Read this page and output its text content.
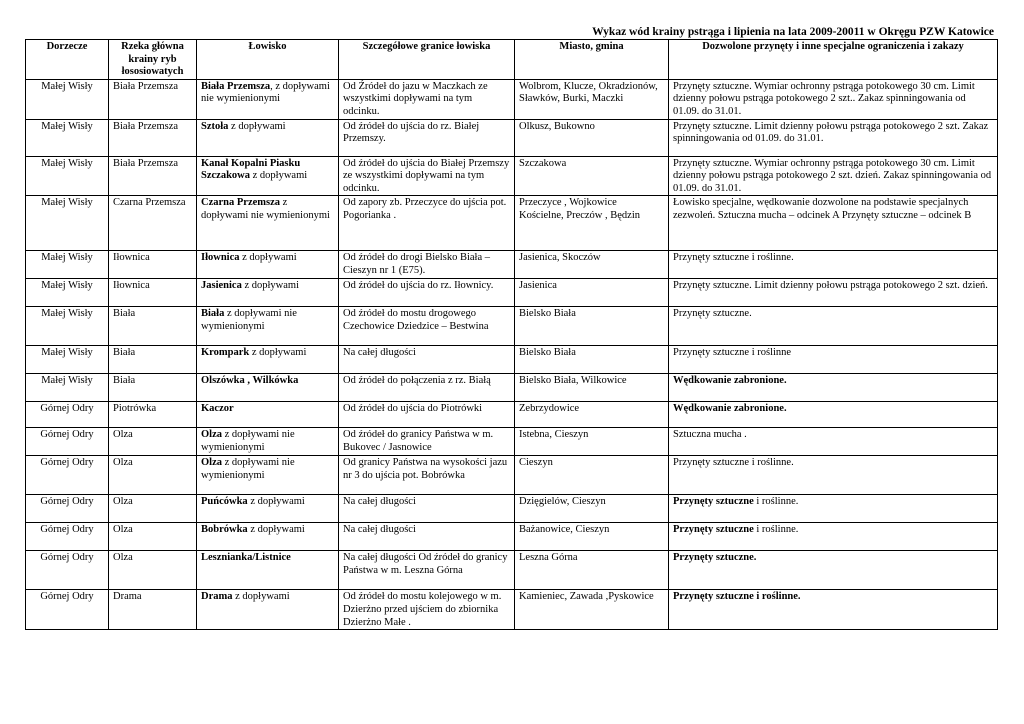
Wykaz wód krainy pstrąga i lipienia na lata 2009-20011 w Okręgu PZW Katowice
Dorzecze	Rzeka główna krainy ryb łososiowatych	Łowisko	Szczegółowe granice łowiska	Miasto, gmina	Dozwolone przynęty i inne specjalne ograniczenia i zakazy
Małej Wisły	Biała Przemsza	Biała Przemsza, z dopływami nie wymienionymi	Od Źródeł do jazu w Maczkach ze wszystkimi dopływami na tym odcinku.	Wolbrom, Klucze, Okradzionów, Sławków, Burki, Maczki	Przynęty sztuczne. Wymiar ochronny pstrąga potokowego 30 cm. Limit dzienny połowu pstrąga potokowego 2 szt.. Zakaz spinningowania od 01.09. do 31.01.
Małej Wisły	Biała Przemsza	Sztoła z dopływami	Od źródeł do ujścia do rz. Białej Przemszy.	Olkusz, Bukowno	Przynęty sztuczne. Limit dzienny połowu pstrąga potokowego 2 szt. Zakaz spinningowania od 01.09. do 31.01.
Małej Wisły	Biała Przemsza	Kanał Kopalni Piasku Szczakowa z dopływami	Od źródeł do ujścia do Białej Przemszy ze wszystkimi dopływami na tym odcinku.	Szczakowa	Przynęty sztuczne. Wymiar ochronny pstrąga potokowego 30 cm. Limit dzienny połowu pstrąga potokowego 2 szt. dzień. Zakaz spinningowania od 01.09. do 31.01.
Małej Wisły	Czarna Przemsza	Czarna Przemsza z dopływami nie wymienionymi	Od zapory zb. Przeczyce do ujścia pot. Pogorianka .	Przeczyce , Wojkowice Kościelne, Preczów , Będzin	Łowisko specjalne, wędkowanie dozwolone na podstawie specjalnych zezwoleń. Sztuczna mucha – odcinek A Przynęty sztuczne – odcinek B
Małej Wisły	Iłownica	Iłownica z dopływami	Od źródeł do drogi Bielsko Biała –Cieszyn nr 1 (E75).	Jasienica, Skoczów	Przynęty sztuczne i roślinne.
Małej Wisły	Iłownica	Jasienica z dopływami	Od źródeł do ujścia do rz. Iłownicy.	Jasienica	Przynęty sztuczne. Limit dzienny połowu pstrąga potokowego 2 szt. dzień.
Małej Wisły	Biała	Biała z dopływami nie wymienionymi	Od źródeł do mostu drogowego Czechowice Dziedzice – Bestwina	Bielsko Biała	Przynęty sztuczne.
Małej Wisły	Biała	Krompark z dopływami	Na całej długości	Bielsko Biała	Przynęty sztuczne i roślinne
Małej Wisły	Biała	Olszówka , Wilkówka	Od źródeł do połączenia z rz. Białą	Bielsko Biała, Wilkowice	Wędkowanie zabronione.
Górnej Odry	Piotrówka	Kaczor	Od źródeł do ujścia do Piotrówki	Zebrzydowice	Wędkowanie zabronione.
Górnej Odry	Olza	Olza z dopływami nie wymienionymi	Od źródeł do granicy Państwa w m. Bukovec / Jasnowice	Istebna, Cieszyn	Sztuczna mucha .
Górnej Odry	Olza	Olza z dopływami nie wymienionymi	Od granicy Państwa na wysokości jazu nr 3 do ujścia pot. Bobrówka	Cieszyn	Przynęty sztuczne i roślinne.
Górnej Odry	Olza	Puńcówka z dopływami	Na całej długości	Dzięgielów, Cieszyn	Przynęty sztuczne i roślinne.
Górnej Odry	Olza	Bobrówka z dopływami	Na całej długości	Bażanowice, Cieszyn	Przynęty sztuczne i roślinne.
Górnej Odry	Olza	Lesznianka/Listnice	Na całej długości Od źródeł do granicy Państwa w m. Leszna Górna	Leszna Górna	Przynęty sztuczne.
Górnej Odry	Drama	Drama z dopływami	Od źródeł do mostu kolejowego w m. Dzierżno przed ujściem do zbiornika Dzierżno Małe .	Kamieniec, Zawada ,Pyskowice	Przynęty sztuczne i roślinne.
